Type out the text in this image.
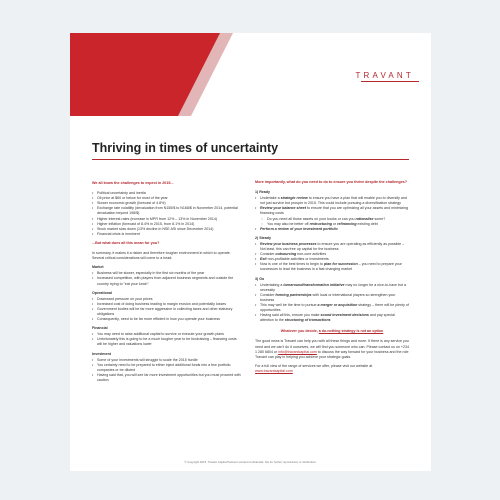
TRAVANT
Thriving in times of uncertainty
We all know the challenges to expect in 2015...
• Political uncertainty and inertia
• Oil price at $60 or below for most of the year
• Slower economic growth (forecast of 4.8%)
• Exchange rate volatility (devaluation from N155/$ to N168/$ in November 2014, potential devaluation beyond 198/$)
• Higher interest rates (increase in MPR from 12% – 13% in November 2014)
• Higher inflation (forecast of 8.4% in 2015, from 8.1% in 2014)
• Stock market slow down (13% decline in NSE ASI since December 2014)
• Financial crisis is imminent
...But what does all this mean for you?
In summary, it makes it a riskier and therefore tougher environment in which to operate. Several critical considerations will come to a head:
Market
• Business will be slower, especially in the first six months of the year
• Increased competition, with players from adjacent business segments and outside the country trying to "eat your lunch"
Operational
• Downward pressure on your prices
• Increased cost of doing business leading to margin erosion and potentially losses
• Government bodies will be far more aggressive in collecting taxes and other statutory obligations
• Consequently, need to be far more efficient in how you operate your business
Financial
• You may need to raise additional capital to survive or execute your growth plans
• Unfortunately this is going to be a much tougher year to be fundraising – financing costs will be higher and valuations lower
Investment
• Some of your investments will struggle to scale the 2015 hurdle
• You certainly need to be prepared to either inject additional funds into a few portfolio companies or be diluted
• Having said that, you will see far more investment opportunities but you must proceed with caution
More importantly, what do you need to do to ensure you thrive despite the challenges?
1) Ready
• Undertake a strategic review to ensure you have a plan that will enable you to diversify and not just survive but prosper in 2015. This could include pursuing a diversification strategy
• Review your balance sheet to ensure that you are optimizing all your assets and minimizing financing costs
○ Do you need all those assets on your books or can you rationalise some?
○ You may also be better off restructuring or refinancing existing debt
• Perform a review of your investment portfolio
2) Steady
• Review your business processes to ensure you are operating as efficiently as possible – Not least, this can free up capital for the business
• Consider outsourcing non-core activities
• Exit non-profitable activities or investments
• Now is one of the best times to begin to plan for succession – you need to prepare your successors to lead the business in a fast changing market
3) Go
• Undertaking a turnaround/transformation initiative may no longer be a nice-to-have but a necessity
• Consider forming partnerships with local or international players so strengthen your business
• This may well be the time to pursue a merger or acquisition strategy – there will be plenty of opportunities
• Having said all this, ensure you make sound investment decisions and pay special attention to the structuring of transactions
Whatever you decide, a do-nothing strategy is not an option
The good news is Travant can help you with all these things and more. If there is any service you need and we can't do it ourselves, we will find you someone who can. Please contact us on +234 1 280 6804 or info@travantcapital.com to discuss the way forward for your business and the role Travant can play in helping you achieve your strategic goals.
For a full view of the range of services we offer, please visit our website at www.travantcapital.com
© Copyright 2015, Travant Capital Partners Limited Confidential. Not for further reproduction or distribution.
